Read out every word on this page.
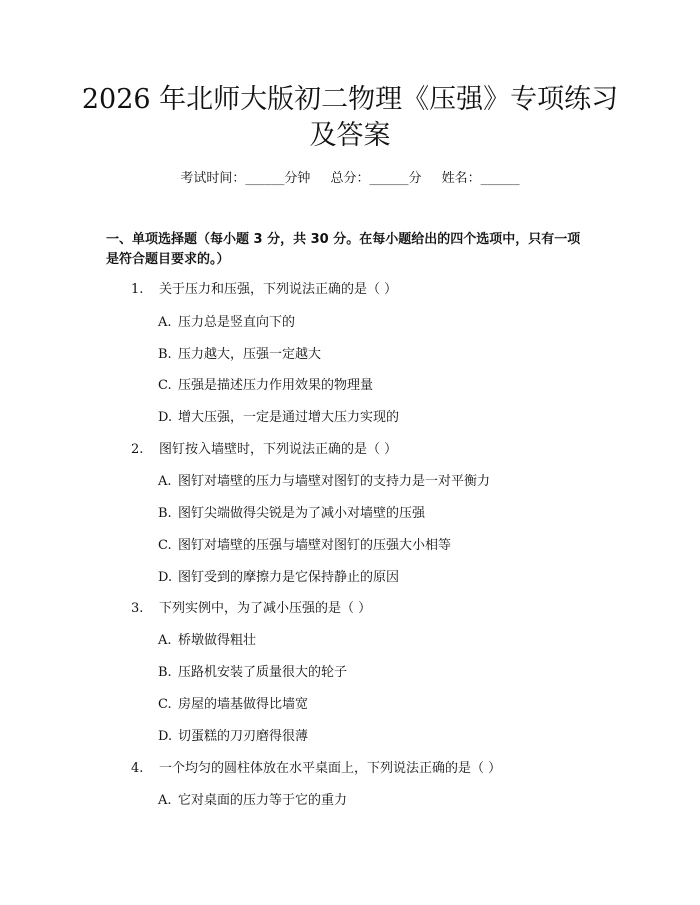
2026 年北师大版初二物理《压强》专项练习
及答案
考试时间：______分钟 总分：______分 姓名：______
一、单项选择题（每小题 3 分，共 30 分。在每小题给出的四个选项中，只有一项
是符合题目要求的。）
1. 关于压力和压强，下列说法正确的是（ ）
A. 压力总是竖直向下的
B. 压力越大，压强一定越大
C. 压强是描述压力作用效果的物理量
D. 增大压强，一定是通过增大压力实现的
2. 图钉按入墙壁时，下列说法正确的是（ ）
A. 图钉对墙壁的压力与墙壁对图钉的支持力是一对平衡力
B. 图钉尖端做得尖锐是为了减小对墙壁的压强
C. 图钉对墙壁的压强与墙壁对图钉的压强大小相等
D. 图钉受到的摩擦力是它保持静止的原因
3. 下列实例中，为了减小压强的是（ ）
A. 桥墩做得粗壮
B. 压路机安装了质量很大的轮子
C. 房屋的墙基做得比墙宽
D. 切蛋糕的刀刃磨得很薄
4. 一个均匀的圆柱体放在水平桌面上，下列说法正确的是（ ）
A. 它对桌面的压力等于它的重力
